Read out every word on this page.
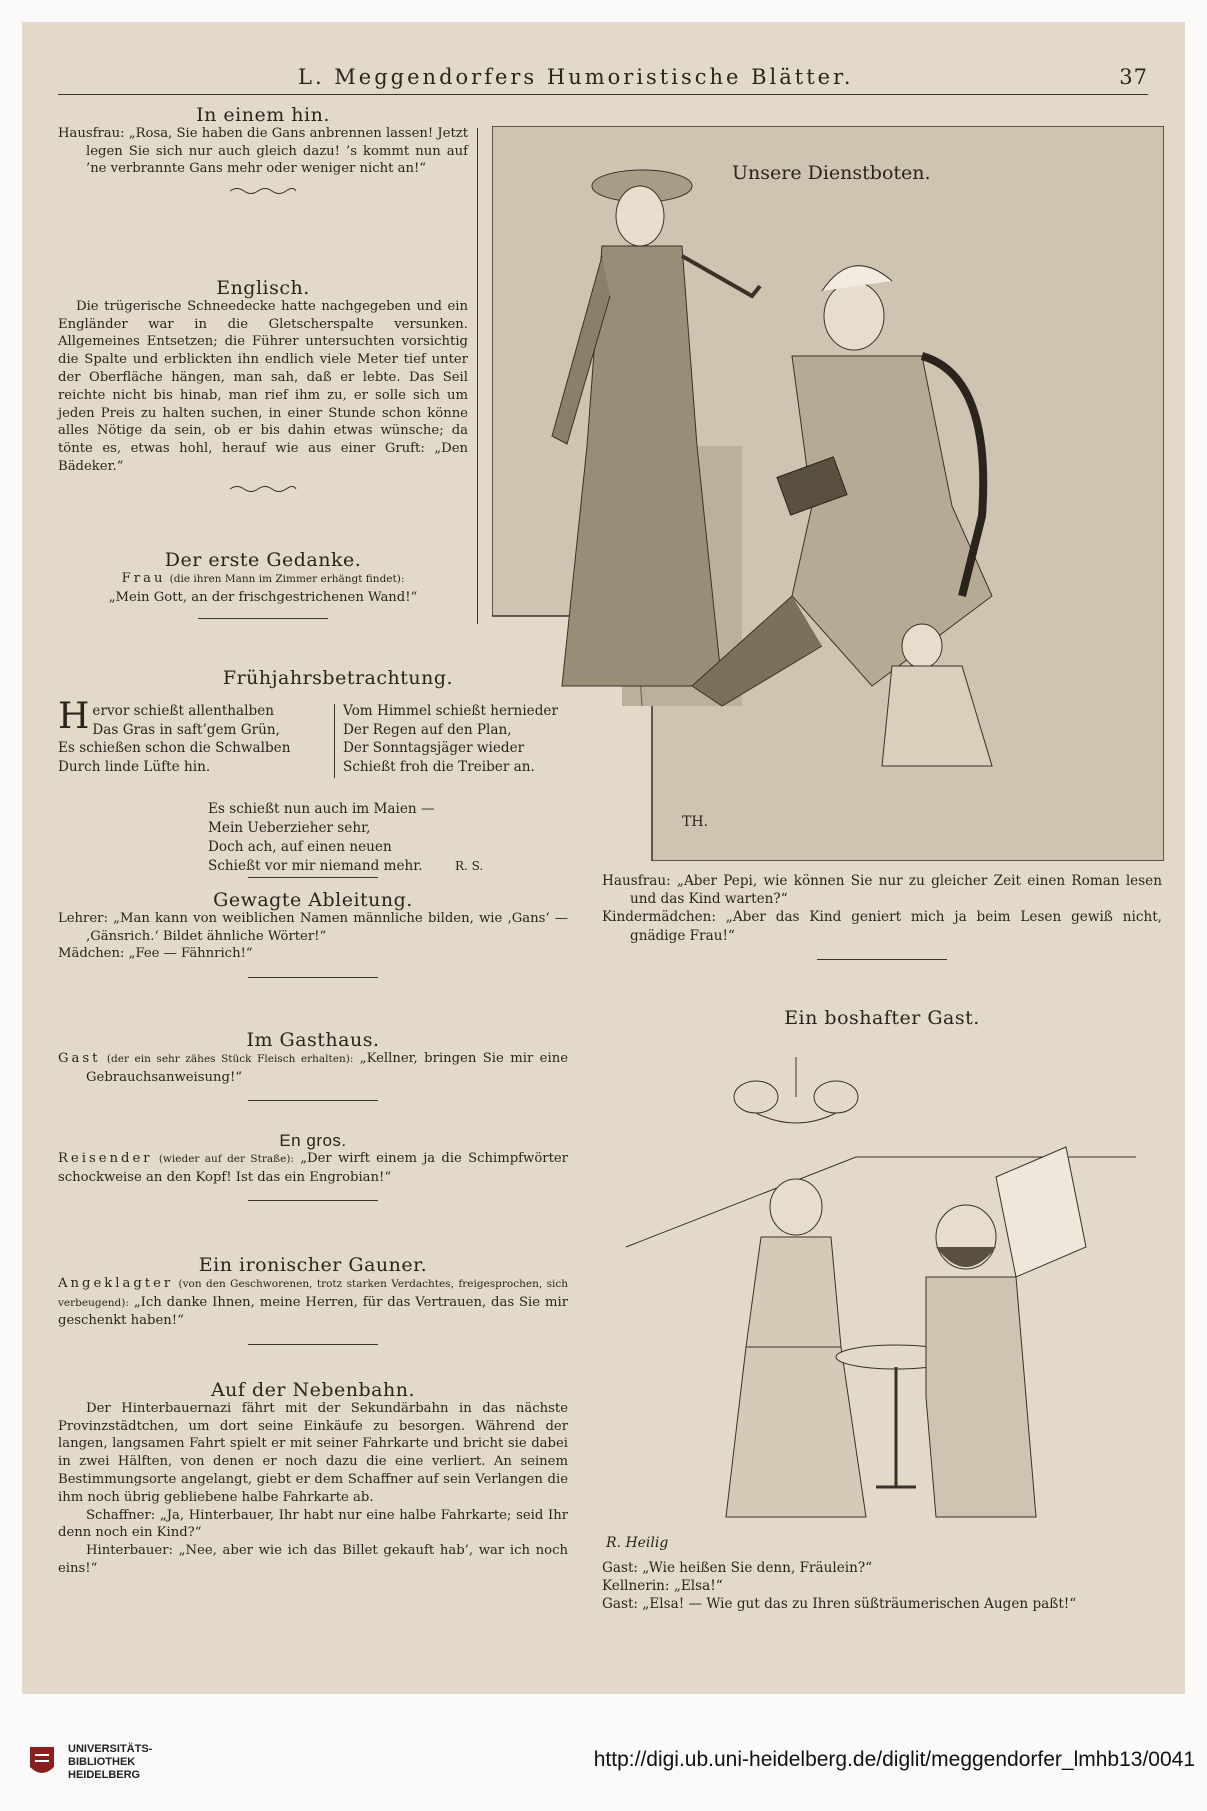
L. Meggendorfers Humoristische Blätter.	37
In einem hin.

Hausfrau: „Rosa, Sie haben die Gans anbrennen lassen! Jetzt legen Sie sich nur auch gleich dazu! ’s kommt nun auf ’ne verbrannte Gans mehr oder weniger nicht an!“

Englisch.

Die trügerische Schneedecke hatte nachgegeben und ein Engländer war in die Gletscherspalte versunken. Allgemeines Entsetzen; die Führer untersuchten vorsichtig die Spalte und erblickten ihn endlich viele Meter tief unter der Oberfläche hängen, man sah, daß er lebte. Das Seil reichte nicht bis hinab, man rief ihm zu, er solle sich um jeden Preis zu halten suchen, in einer Stunde schon könne alles Nötige da sein, ob er bis dahin etwas wünsche; da tönte es, etwas hohl, herauf wie aus einer Gruft: „Den Bädeker.“

Der erste Gedanke.

Frau (die ihren Mann im Zimmer erhängt findet):

„Mein Gott, an der frischgestrichenen Wand!“

Frühjahrsbetrachtung.
H ervor schießt allenthalben
Das Gras in saft’gem Grün,
Es schießen schon die Schwalben
Durch linde Lüfte hin.
Vom Himmel schießt hernieder
Der Regen auf den Plan,
Der Sonntagsjäger wieder
Schießt froh die Treiber an.
Es schießt nun auch im Maien —
Mein Ueberzieher sehr,
Doch ach, auf einen neuen
Schießt vor mir niemand mehr.	R. S.
Gewagte Ableitung.

Lehrer: „Man kann von weiblichen Namen männliche bilden, wie ‚Gans‘ — ‚Gänsrich.‘ Bildet ähnliche Wörter!“

Mädchen: „Fee — Fähnrich!“

Im Gasthaus.

Gast (der ein sehr zähes Stück Fleisch erhalten): „Kellner, bringen Sie mir eine Gebrauchsanweisung!“

En gros.

Reisender (wieder auf der Straße): „Der wirft einem ja die Schimpfwörter schockweise an den Kopf! Ist das ein Engrobian!“

Ein ironischer Gauner.

Angeklagter (von den Geschworenen, trotz starken Verdachtes, freigesprochen, sich verbeugend): „Ich danke Ihnen, meine Herren, für das Vertrauen, das Sie mir geschenkt haben!“

Auf der Nebenbahn.

Der Hinterbauernazi fährt mit der Sekundärbahn in das nächste Provinzstädtchen, um dort seine Einkäufe zu besorgen. Während der langen, langsamen Fahrt spielt er mit seiner Fahrkarte und bricht sie dabei in zwei Hälften, von denen er noch dazu die eine verliert. An seinem Bestimmungsorte angelangt, giebt er dem Schaffner auf sein Verlangen die ihm noch übrig gebliebene halbe Fahrkarte ab.

Schaffner: „Ja, Hinterbauer, Ihr habt nur eine halbe Fahrkarte; seid Ihr denn noch ein Kind?“

Hinterbauer: „Nee, aber wie ich das Billet gekauft hab’, war ich noch eins!“

TH.
Unsere Dienstboten.

Hausfrau: „Aber Pepi, wie können Sie nur zu gleicher Zeit einen Roman lesen und das Kind warten?“

Kindermädchen: „Aber das Kind geniert mich ja beim Lesen gewiß nicht, gnädige Frau!“

Ein boshafter Gast.
R. Heilig

Gast: „Wie heißen Sie denn, Fräulein?“

Kellnerin: „Elsa!“

Gast: „Elsa! — Wie gut das zu Ihren süßträumerischen Augen paßt!“

UNIVERSITÄTS-
BIBLIOTHEK
HEIDELBERG
http://digi.ub.uni-heidelberg.de/diglit/meggendorfer_lmhb13/0041
